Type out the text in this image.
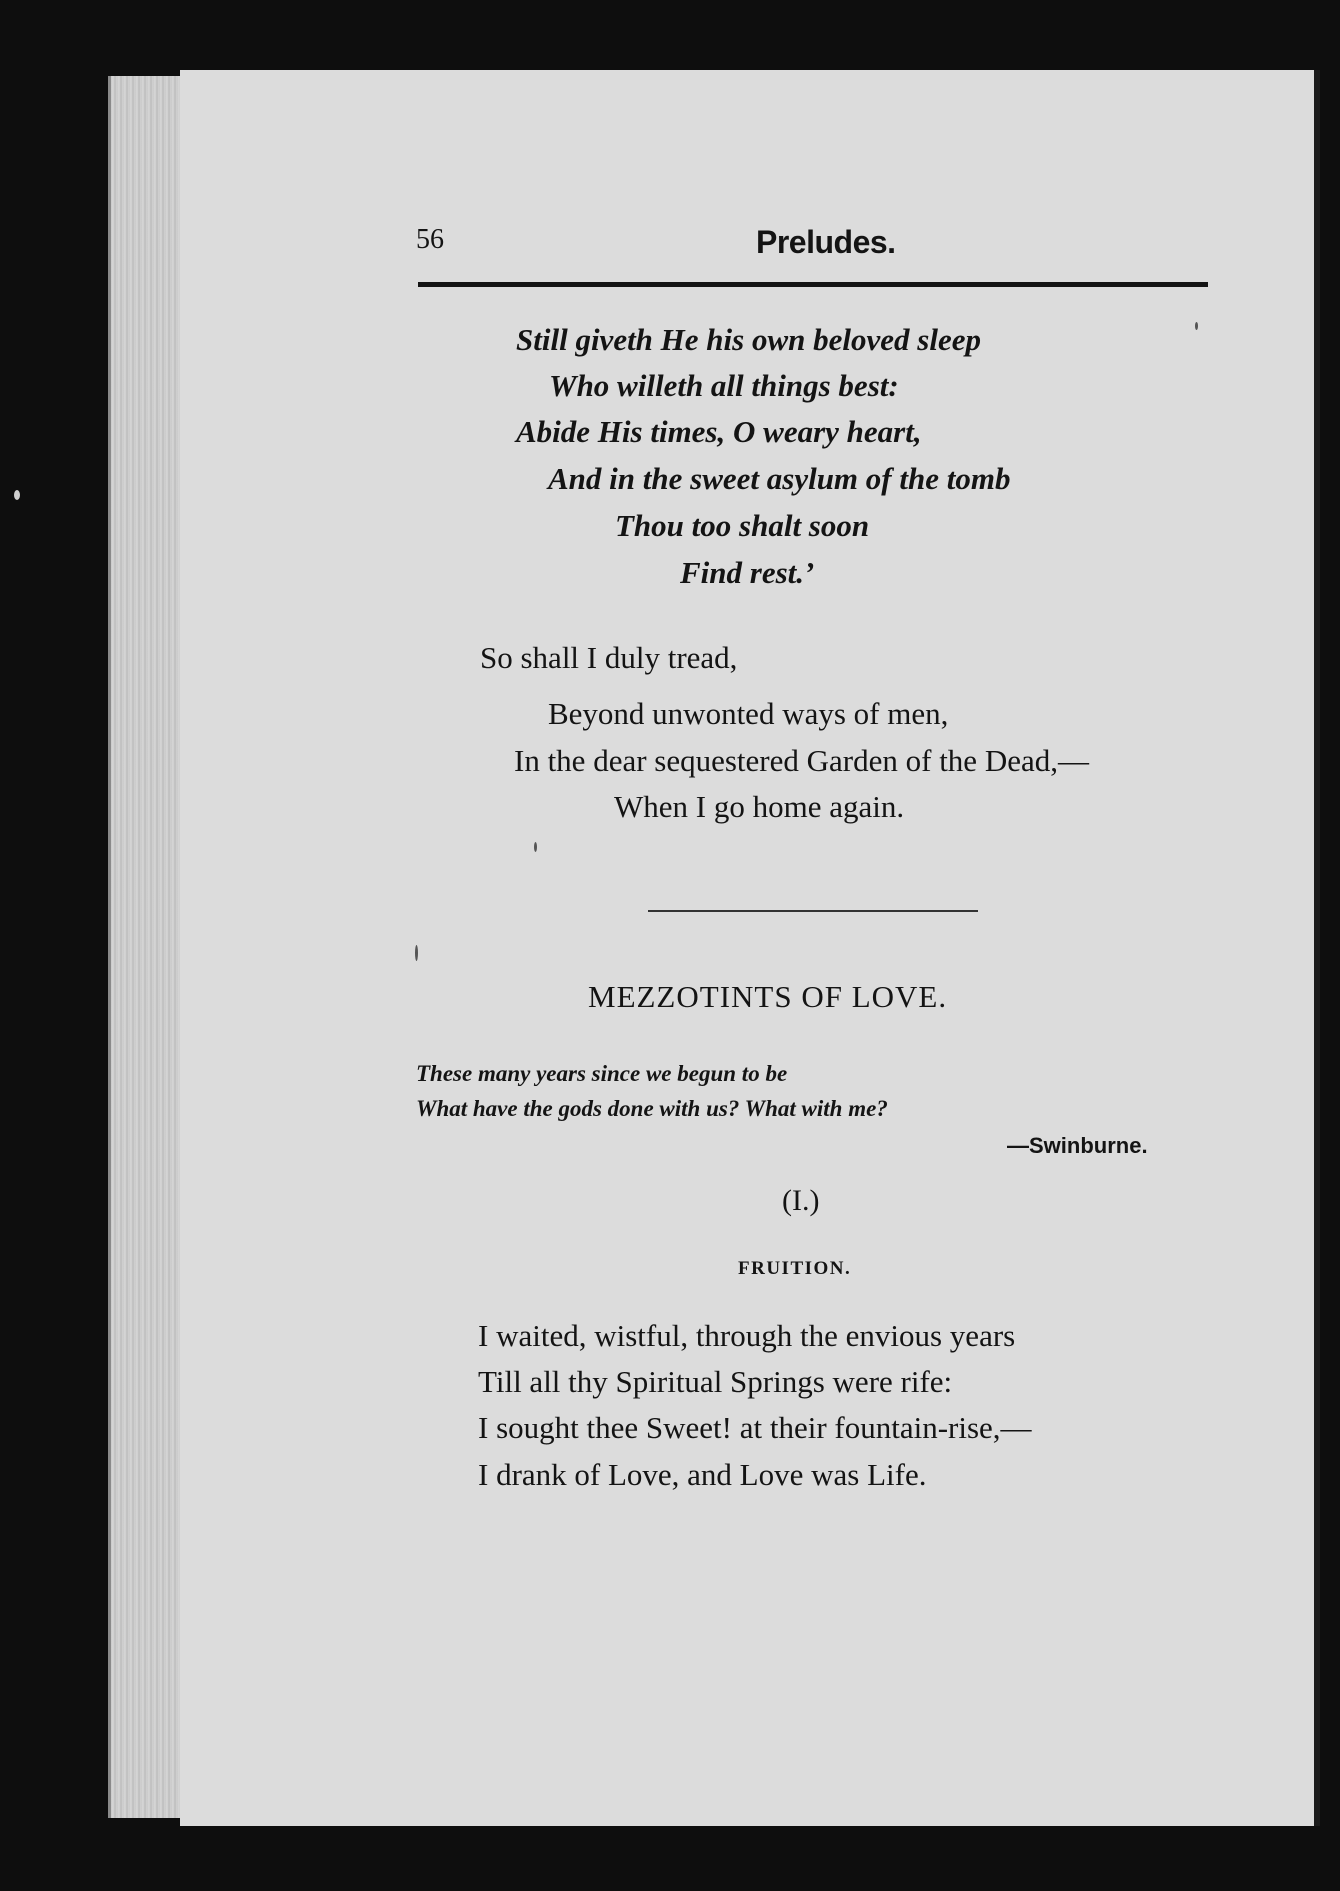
56	Preludes.
Still giveth He his own beloved sleep
Who willeth all things best:
Abide His times, O weary heart,
And in the sweet asylum of the tomb
Thou too shalt soon
Find rest.’
So shall I duly tread,
Beyond unwonted ways of men,
In the dear sequestered Garden of the Dead,—
When I go home again.
MEZZOTINTS OF LOVE.
These many years since we begun to be
What have the gods done with us? What with me?
—Swinburne.
(I.)
FRUITION.
I waited, wistful, through the envious years
Till all thy Spiritual Springs were rife:
I sought thee Sweet! at their fountain-rise,—
I drank of Love, and Love was Life.
